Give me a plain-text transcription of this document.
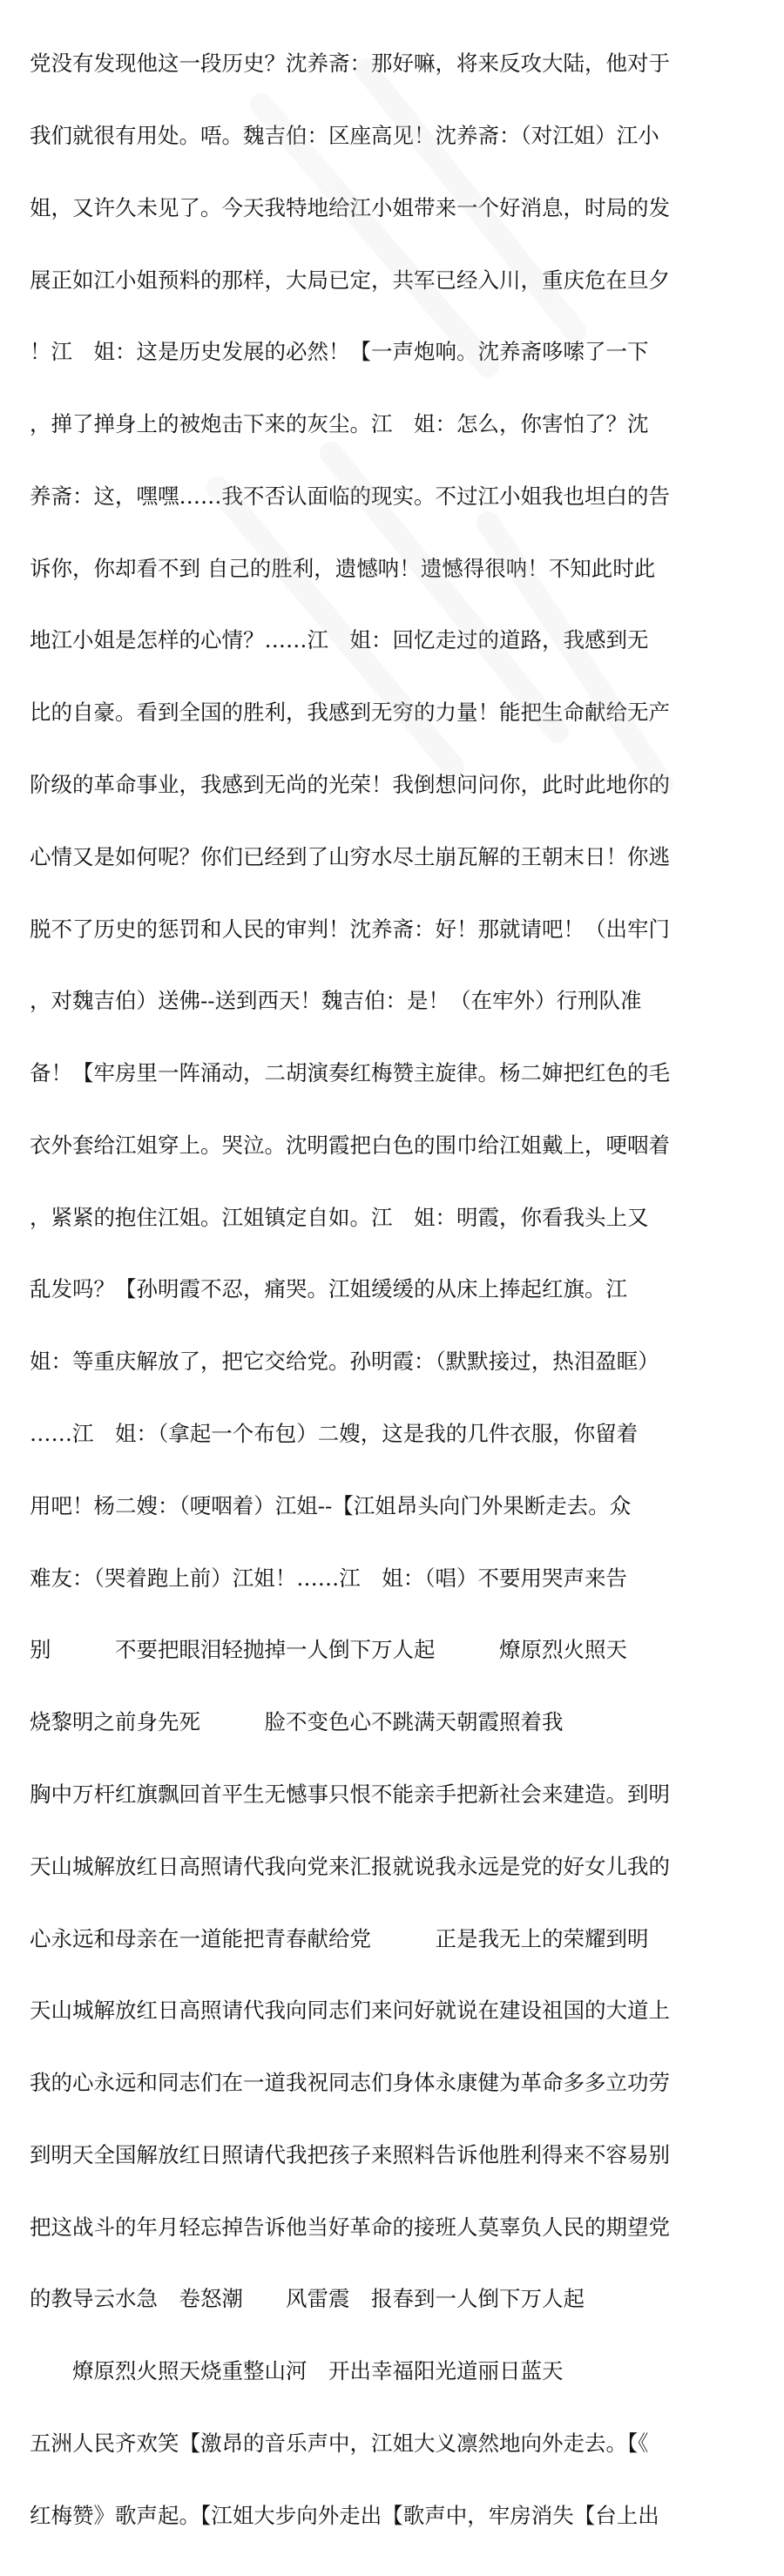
党没有发现他这一段历史？沈养斋：那好嘛，将来反攻大陆，他对于

我们就很有用处。唔。魏吉伯：区座高见！沈养斋：（对江姐）江小

姐，又许久未见了。今天我特地给江小姐带来一个好消息，时局的发

展正如江小姐预料的那样，大局已定，共军已经入川，重庆危在旦夕

！江　姐：这是历史发展的必然！【一声炮响。沈养斋哆嗦了一下

，掸了掸身上的被炮击下来的灰尘。江　姐：怎么，你害怕了？沈

养斋：这，嘿嘿……我不否认面临的现实。不过江小姐我也坦白的告

诉你，你却看不到 自己的胜利，遗憾呐！遗憾得很呐！不知此时此

地江小姐是怎样的心情？……江　姐：回忆走过的道路，我感到无

比的自豪。看到全国的胜利，我感到无穷的力量！能把生命献给无产

阶级的革命事业，我感到无尚的光荣！我倒想问问你，此时此地你的

心情又是如何呢？你们已经到了山穷水尽土崩瓦解的王朝末日！你逃

脱不了历史的惩罚和人民的审判！沈养斋：好！那就请吧！（出牢门

，对魏吉伯）送佛--送到西天！魏吉伯：是！（在牢外）行刑队准

备！【牢房里一阵涌动，二胡演奏红梅赞主旋律。杨二婶把红色的毛

衣外套给江姐穿上。哭泣。沈明霞把白色的围巾给江姐戴上，哽咽着

，紧紧的抱住江姐。江姐镇定自如。江　姐：明霞，你看我头上又

乱发吗？【孙明霞不忍，痛哭。江姐缓缓的从床上捧起红旗。江

姐：等重庆解放了，把它交给党。孙明霞：（默默接过，热泪盈眶）

……江　姐：（拿起一个布包）二嫂，这是我的几件衣服，你留着

用吧！杨二嫂：（哽咽着）江姐--【江姐昂头向门外果断走去。众

难友：（哭着跑上前）江姐！……江　姐：（唱）不要用哭声来告

别　　　不要把眼泪轻抛掉一人倒下万人起　　　燎原烈火照天

烧黎明之前身先死　　　脸不变色心不跳满天朝霞照着我

胸中万杆红旗飘回首平生无憾事只恨不能亲手把新社会来建造。到明

天山城解放红日高照请代我向党来汇报就说我永远是党的好女儿我的

心永远和母亲在一道能把青春献给党　　　正是我无上的荣耀到明

天山城解放红日高照请代我向同志们来问好就说在建设祖国的大道上

我的心永远和同志们在一道我祝同志们身体永康健为革命多多立功劳

到明天全国解放红日照请代我把孩子来照料告诉他胜利得来不容易别

把这战斗的年月轻忘掉告诉他当好革命的接班人莫辜负人民的期望党

的教导云水急　卷怒潮　　风雷震　报春到一人倒下万人起

　　燎原烈火照天烧重整山河　开出幸福阳光道丽日蓝天

五洲人民齐欢笑【激昂的音乐声中，江姐大义凛然地向外走去。【《

红梅赞》歌声起。【江姐大步向外走出【歌声中，牢房消失【台上出
